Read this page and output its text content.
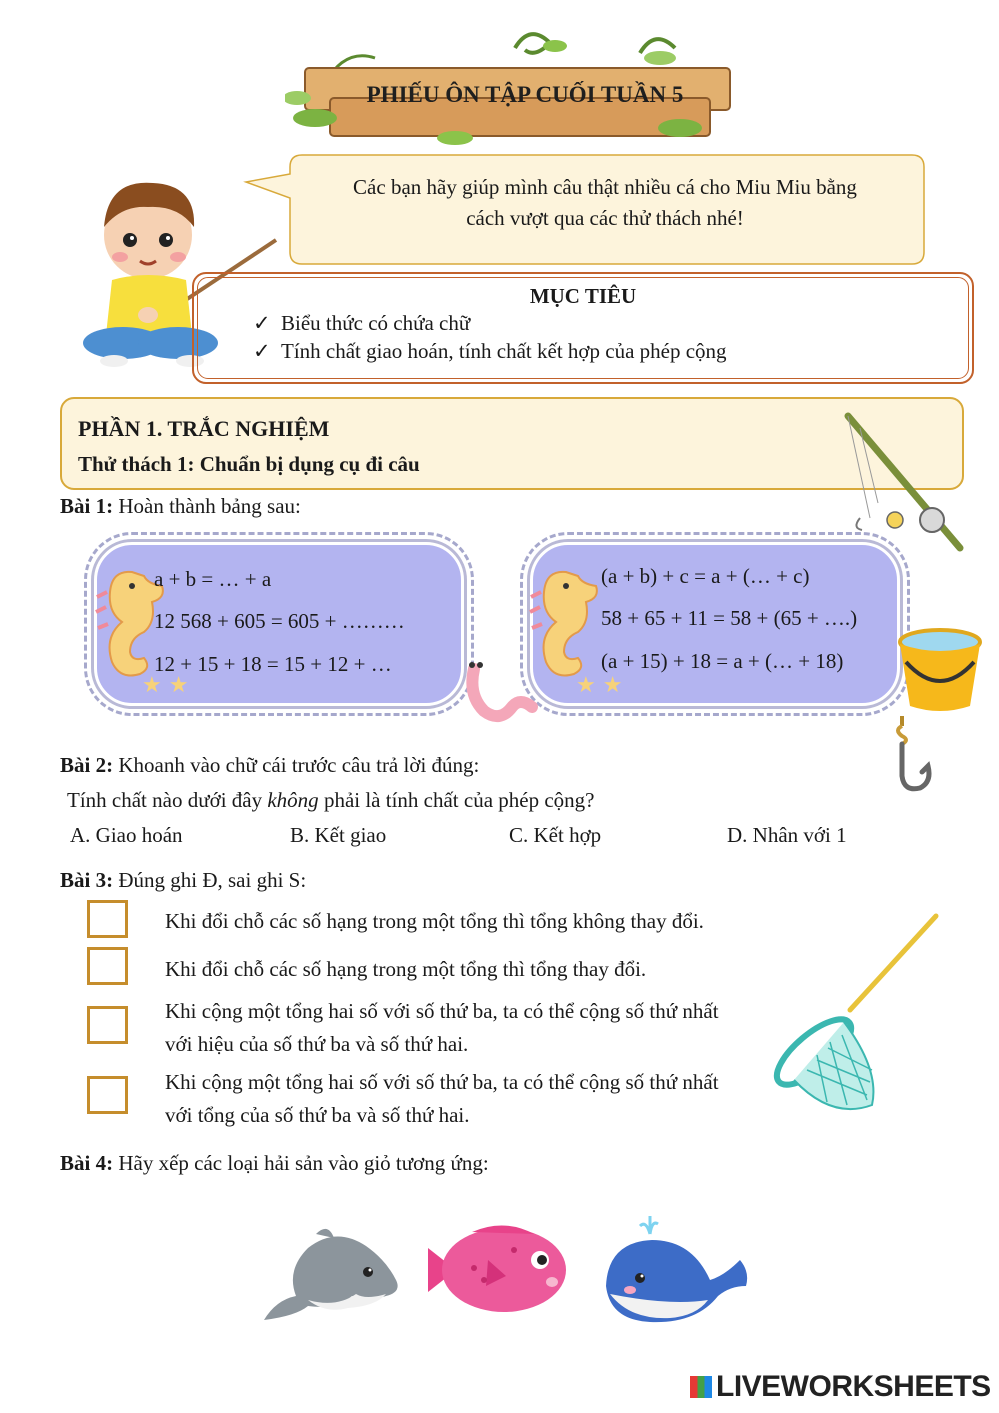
PHIẾU ÔN TẬP CUỐI TUẦN 5
Các bạn hãy giúp mình câu thật nhiều cá cho Miu Miu bằng
cách vượt qua các thử thách nhé!
MỤC TIÊU
✓ Biểu thức có chứa chữ
✓ Tính chất giao hoán, tính chất kết hợp của phép cộng
PHẦN 1. TRẮC NGHIỆM
Thử thách 1: Chuẩn bị dụng cụ đi câu
Bài 1: Hoàn thành bảng sau:
★ ★
a + b = … + a
12 568 + 605 = 605 + ………
12 + 15 + 18 = 15 + 12 + …
★ ★
(a + b) + c = a + (… + c)
58 + 65 + 11 = 58 + (65 + ….)
(a + 15) + 18 = a + (… + 18)
Bài 2: Khoanh vào chữ cái trước câu trả lời đúng:
Tính chất nào dưới đây không phải là tính chất của phép cộng?
A. Giao hoán	B. Kết giao	C. Kết hợp	D. Nhân với 1
Bài 3: Đúng ghi Đ, sai ghi S:
Khi đổi chỗ các số hạng trong một tổng thì tổng không thay đổi.
Khi đổi chỗ các số hạng trong một tổng thì tổng thay đổi.
Khi cộng một tổng hai số với số thứ ba, ta có thể cộng số thứ nhất
với hiệu của số thứ ba và số thứ hai.
Khi cộng một tổng hai số với số thứ ba, ta có thể cộng số thứ nhất
với tổng của số thứ ba và số thứ hai.
Bài 4: Hãy xếp các loại hải sản vào giỏ tương ứng:
LIVEWORKSHEETS
